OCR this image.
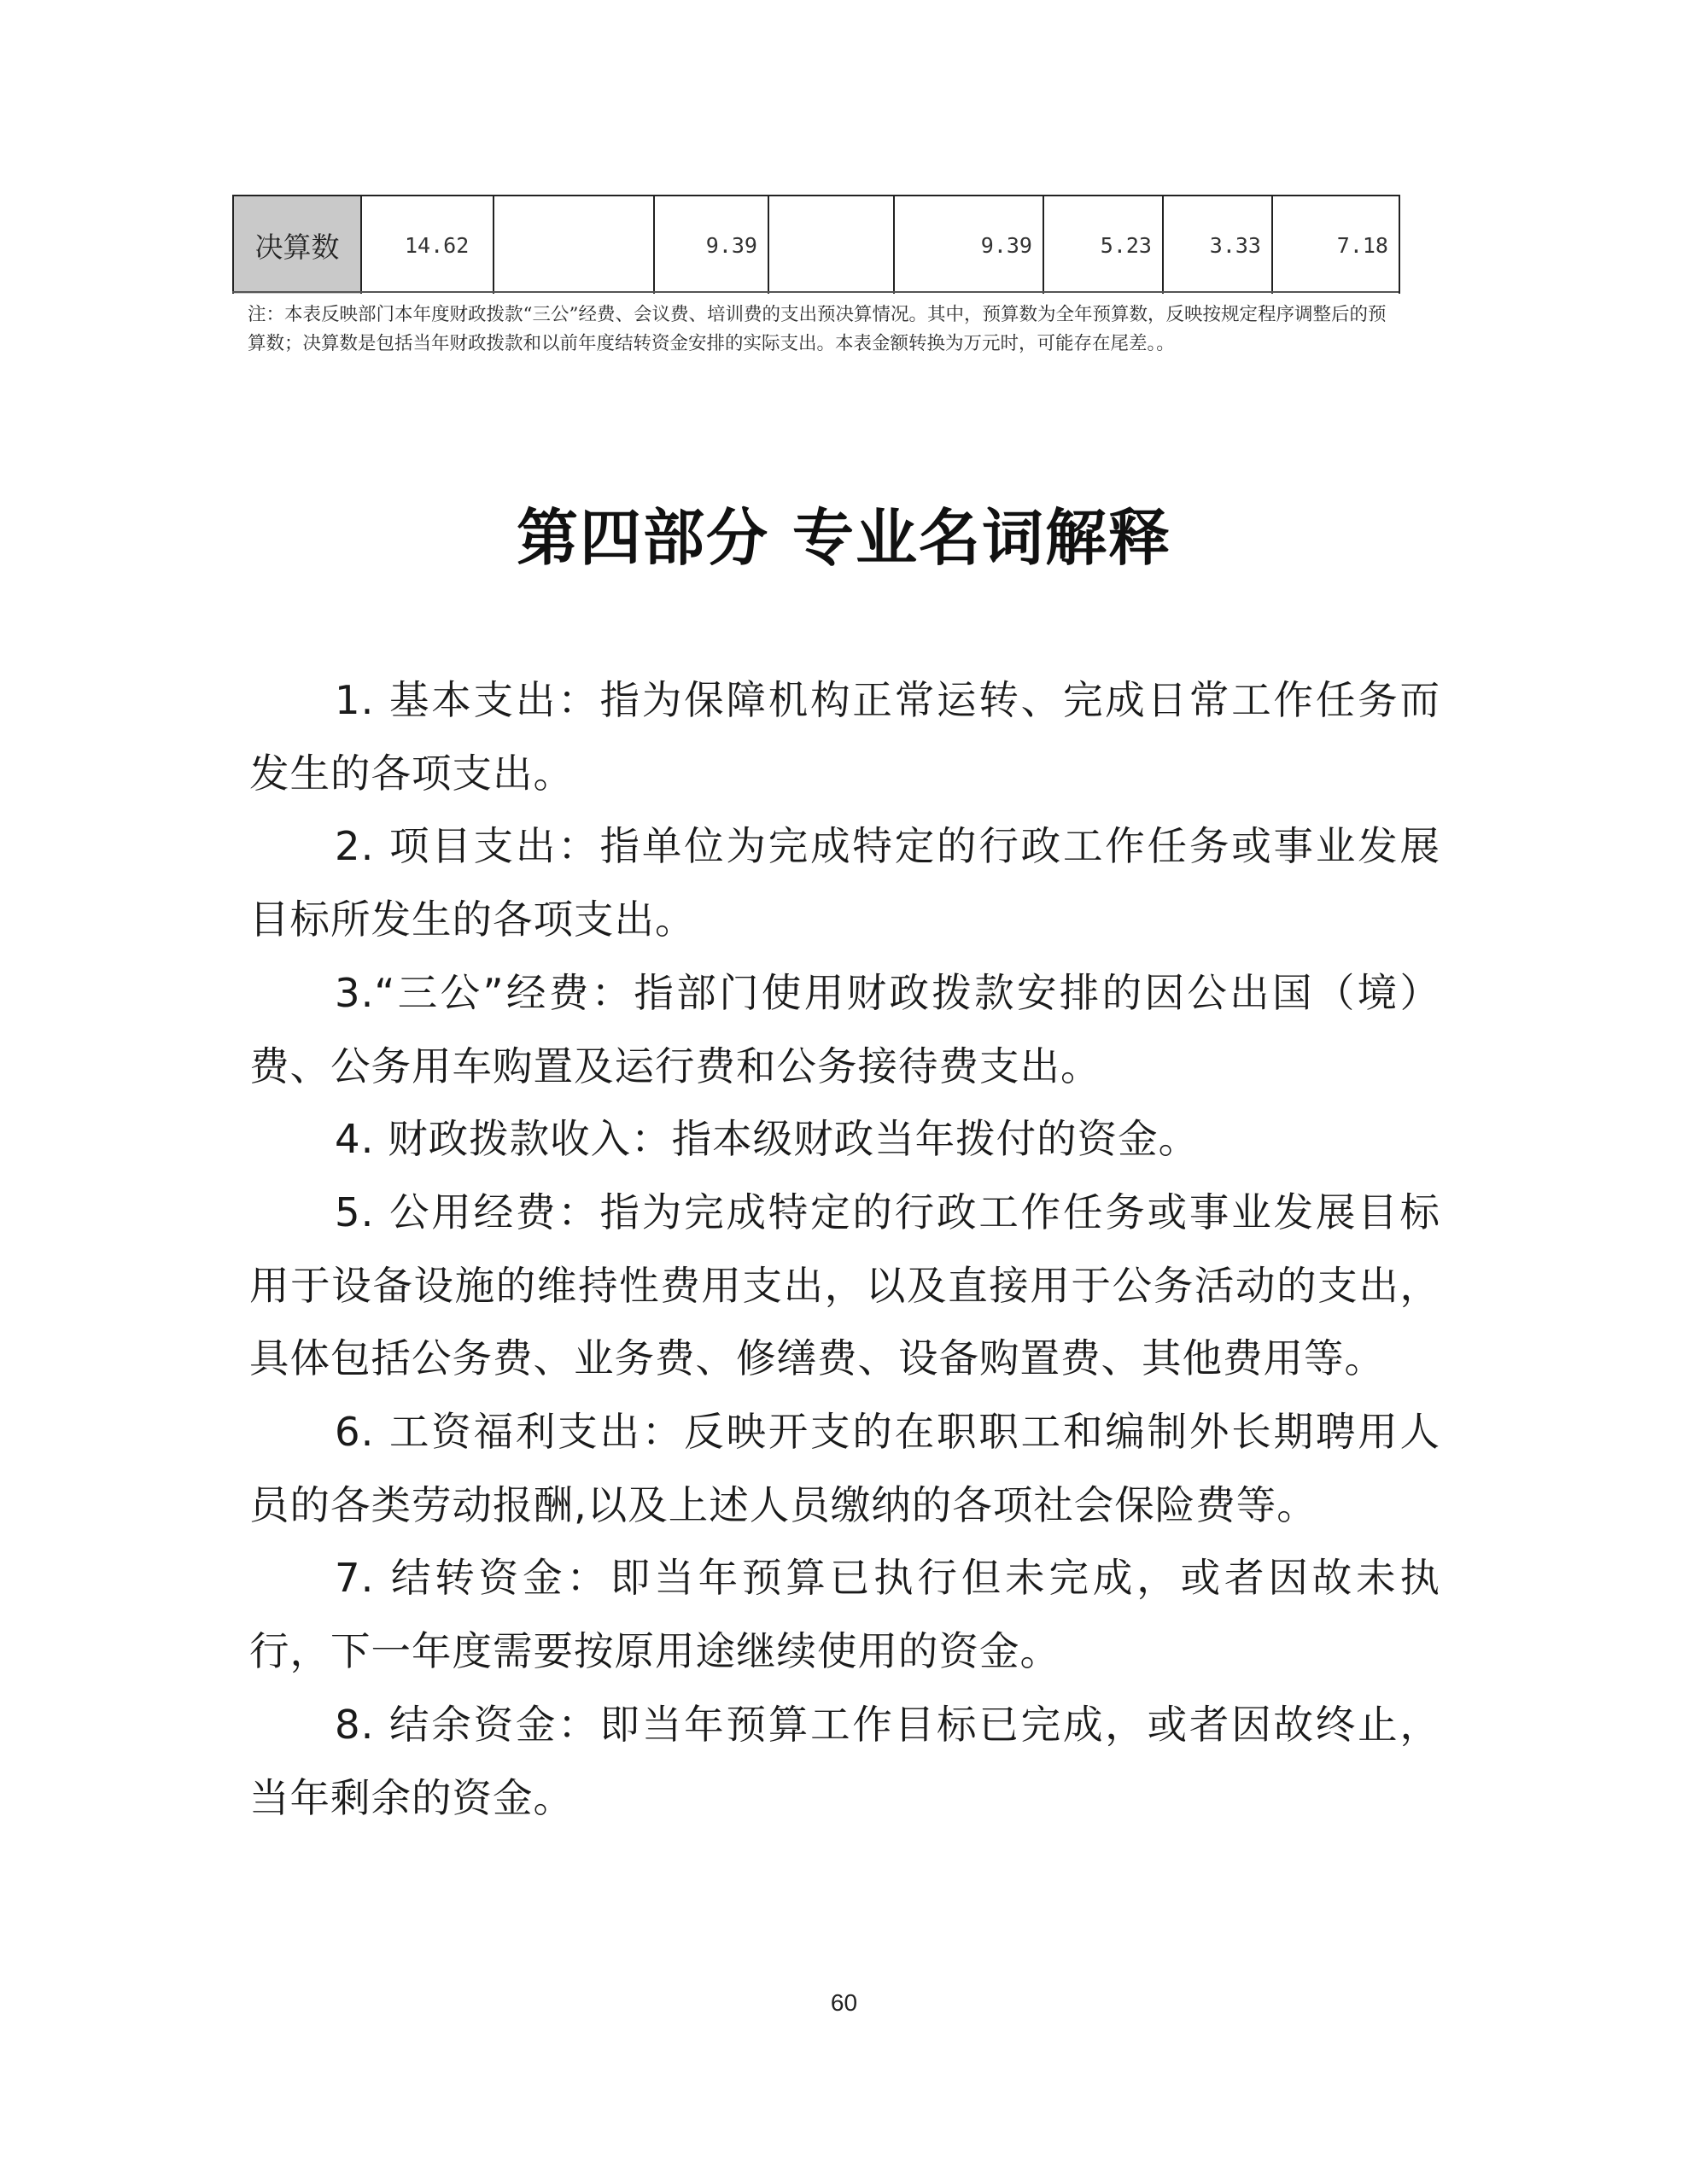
决算数	14.62		9.39		9.39	5.23	3.33	7.18

注：本表反映部门本年度财政拨款“三公”经费、会议费、培训费的支出预决算情况。其中，预算数为全年预算数，反映按规定程序调整后的预算数；决算数是包括当年财政拨款和以前年度结转资金安排的实际支出。本表金额转换为万元时，可能存在尾差。。

第四部分 专业名词解释
1. 基本支出：指为保障机构正常运转、完成日常工作任务而发生的各项支出。
2. 项目支出：指单位为完成特定的行政工作任务或事业发展目标所发生的各项支出。
3.“三公”经费：指部门使用财政拨款安排的因公出国（境）费、公务用车购置及运行费和公务接待费支出。
4. 财政拨款收入：指本级财政当年拨付的资金。
5. 公用经费：指为完成特定的行政工作任务或事业发展目标用于设备设施的维持性费用支出，以及直接用于公务活动的支出，具体包括公务费、业务费、修缮费、设备购置费、其他费用等。
6. 工资福利支出：反映开支的在职职工和编制外长期聘用人员的各类劳动报酬,以及上述人员缴纳的各项社会保险费等。
7. 结转资金：即当年预算已执行但未完成，或者因故未执行，下一年度需要按原用途继续使用的资金。
8. 结余资金：即当年预算工作目标已完成，或者因故终止，当年剩余的资金。
60
